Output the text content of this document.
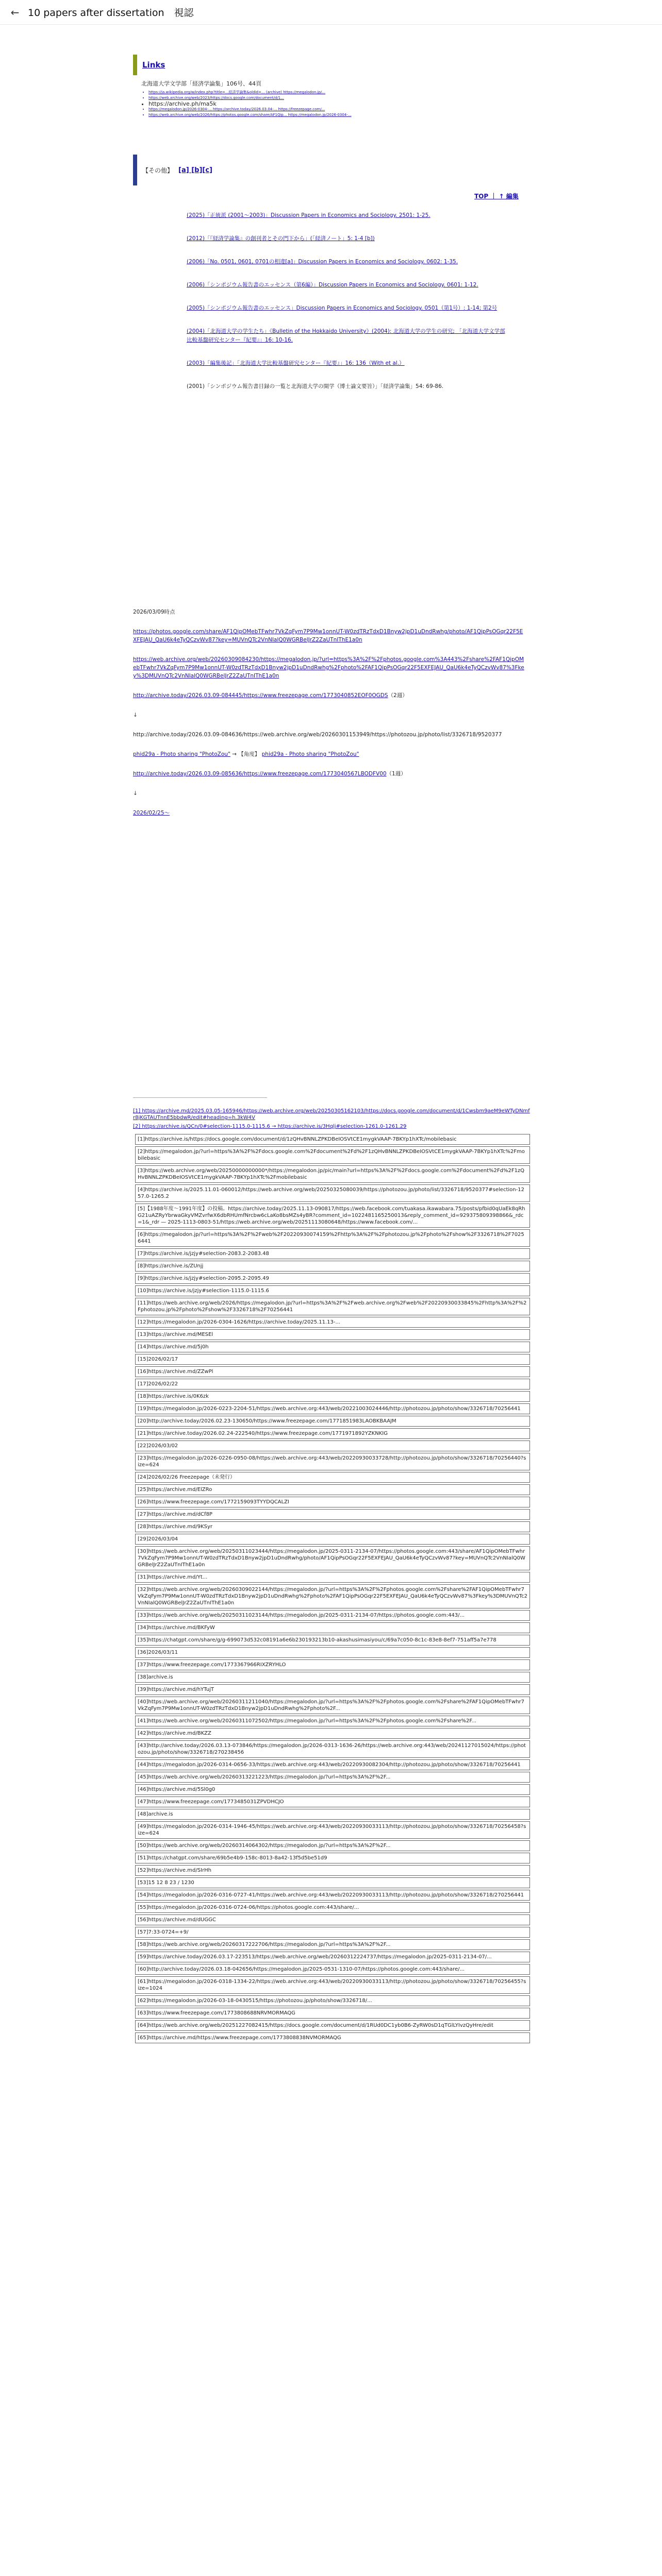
← 10 papers after dissertation　視認
Links
北海道大学文学部「経済学論集」106号、44頁
• https://ja.wikipedia.org/w/index.php?title=...経済学論集&oldid=... (archive) https://megalodon.jp/...
• https://web.archive.org/web/2023/https://docs.google.com/document/d/1...
• https://archive.ph/ma5k
• https://megalodon.jp/2026-0304-... https://archive.today/2026.03.04-... https://freezepage.com/...
• https://web.archive.org/web/2026/https://photos.google.com/share/AF1Qip... https://megalodon.jp/2026-0304-...
【その他】 [a] [b][c]
TOP ｜ ↑ 編集
(2025)「正統派 (2001〜2003)」Discussion Papers in Economics and Sociology. 2501: 1-25.
(2012)「『経済学論集』の創刊者とその門下から」(「経済ノート」5: 1-4 [b])
(2006)「No. 0501, 0601, 0701の相違[a]」Discussion Papers in Economics and Sociology. 0602: 1-35.
(2006)「シンポジウム報告書のエッセンス（第6編）」Discussion Papers in Economics and Sociology. 0601: 1-12.
(2005)「シンポジウム報告書のエッセンス」Discussion Papers in Economics and Sociology. 0501（第1号）: 1-14; 第2号
(2004)「北海道大学の学生たち」《Bulletin of the Hokkaido University》(2004): 北海道大学の学生の研究; 「北海道大学文学部比較基盤研究センター『紀要』」16: 10-16.
(2003)「編集後記」「北海道大学比較基盤研究センター『紀要』」16: 136（With et al.）
(2001)「シンポジウム報告書目録の一覧と北海道大学の開学（博士論文要旨）」「経済学論集」54: 69-86.

2026/03/09時点

https://photos.google.com/share/AF1QipOMebTFwhr7VkZqFym7P9Mw1onnUT-W0zdTRzTdxD1Bnyw2jpD1uDndRwhg/photo/AF1QipPsOGqr22F5EXFEJAU_QaU6k4eTyQCzvWv87?key=MUVnQTc2VnNIalQ0WGRBelJrZ2ZaUTnIThE1a0n

https://web.archive.org/web/20260309084230/https://megalodon.jp/?url=https%3A%2F%2Fphotos.google.com%3A443%2Fshare%2FAF1QipOMebTFwhr7VkZqFym7P9Mw1onnUT-W0zdTRzTdxD1Bnyw2jpD1uDndRwhg%2Fphoto%2FAF1QipPsOGqr22F5EXFEJAU_QaU6k4eTyQCzvWv87%3Fkey%3DMUVnQTc2VnNIalQ0WGRBelJrZ2ZaUTnIThE1a0n

http://archive.today/2026.03.09-084445/https://www.freezepage.com/1773040852EOF0OGDS（2週）

↓

http://archive.today/2026.03.09-084636/https://web.archive.org/web/20260301153949/https://photozou.jp/photo/list/3326718/9520377

phid29a - Photo sharing "PhotoZou" → 【角度】 phid29a - Photo sharing "PhotoZou"

http://archive.today/2026.03.09-085636/https://www.freezepage.com/1773040567LBODFV00（1週）

↓

2026/02/25〜

[1] https://archive.md/2025.03.05-165946/https://web.archive.org/web/20250305162103/https://docs.google.com/document/d/1Cwsbm9aeM9eWTyDNmfr8jKGTAUTnnE5bbdwR/edit#heading=h.3kW4V
[2] https://archive.is/QCn/0#selection-1115.0-1115.6 → https://archive.is/3Hqlj#selection-1261.0-1261.29
[1]https://archive.is/https://docs.google.com/document/d/1zQHvBNNLZPKDBeIOSVtCE1mygkVAAP-7BKYp1hXTc/mobilebasic
[2]https://megalodon.jp/?url=https%3A%2F%2Fdocs.google.com%2Fdocument%2Fd%2F1zQHvBNNLZPKDBeIOSVtCE1mygkVAAP-7BKYp1hXTc%2Fmobilebasic
[3]https://web.archive.org/web/20250000000000*/https://megalodon.jp/pic/main?url=https%3A%2F%2Fdocs.google.com%2Fdocument%2Fd%2F1zQHvBNNLZPKDBeIOSVtCE1mygkVAAP-7BKYp1hXTc%2Fmobilebasic
[4]https://archive.is/2025.11.01-060012/https://web.archive.org/web/20250325080039/https://photozou.jp/photo/list/3326718/9520377#selection-1257.0-1265.2
[5]【1988年度〜1991年度】の投稿。https://archive.today/2025.11.13-090817/https://web.facebook.com/tuakasa.ikawabara.75/posts/pfbid0qUaEk8qRhG21uAZRyYbrwaGkyVMZvrfwX6dbRHUmfNrcbw6cLaKo8bsMZs4yBR?comment_id=1022481165250013&reply_comment_id=929375809398866&_rdc=1&_rdr — 2025-1113-0803-51/https://web.archive.org/web/20251113080648/https://www.facebook.com/...
[6]https://megalodon.jp/?url=https%3A%2F%2Fweb%2F20220930074159%2Fhttp%3A%2F%2Fphotozou.jp%2Fphoto%2Fshow%2F3326718%2F70256441
[7]https://archive.is/jzjy#selection-2083.2-2083.48
[8]https://archive.is/ZUnjj
[9]https://archive.is/jzjy#selection-2095.2-2095.49
[10]https://archive.is/jzjy#selection-1115.0-1115.6
[11]https://web.archive.org/web/2026/https://megalodon.jp/?url=https%3A%2F%2Fweb.archive.org%2Fweb%2F20220930033845%2Fhttp%3A%2F%2Fphotozou.jp%2Fphoto%2Fshow%2F3326718%2F70256441
[12]https://megalodon.jp/2026-0304-1626/https://archive.today/2025.11.13-...
[13]https://archive.md/MESEl
[14]https://archive.md/5j0h
[15]2026/02/17
[16]https://archive.md/ZZwPl
[17]2026/02/22
[18]https://archive.is/0K6zk
[19]https://megalodon.jp/2026-0223-2204-51/https://web.archive.org:443/web/20221003024446/http://photozou.jp/photo/show/3326718/70256441
[20]http://archive.today/2026.02.23-130650/https://www.freezepage.com/1771851983LAOBKBAAJM
[21]https://archive.today/2026.02.24-222540/https://www.freezepage.com/1771971892YZKNKIG
[22]2026/03/02
[23]https://megalodon.jp/2026-0226-0950-08/https://web.archive.org:443/web/20220930033728/http://photozou.jp/photo/show/3326718/70256440?size=624
[24]2026/02/26 Freezepage（未発行）
[25]https://archive.md/ElZRo
[26]https://www.freezepage.com/1772159093TYYDQCALZI
[27]https://archive.md/dCf8P
[28]https://archive.md/9KSyr
[29]2026/03/04
[30]https://web.archive.org/web/20250311023444/https://megalodon.jp/2025-0311-2134-07/https://photos.google.com:443/share/AF1QipOMebTFwhr7VkZqFym7P9Mw1onnUT-W0zdTRzTdxD1Bnyw2jpD1uDndRwhg/photo/AF1QipPsOGqr22F5EXFEJAU_QaU6k4eTyQCzvWv87?key=MUVnQTc2VnNIalQ0WGRBelJrZ2ZaUTnIThE1a0n
[31]https://archive.md/Yt...
[32]https://web.archive.org/web/20260309022144/https://megalodon.jp/?url=https%3A%2F%2Fphotos.google.com%2Fshare%2FAF1QipOMebTFwhr7VkZqFym7P9Mw1onnUT-W0zdTRzTdxD1Bnyw2jpD1uDndRwhg%2Fphoto%2FAF1QipPsOGqr22F5EXFEJAU_QaU6k4eTyQCzvWv87%3Fkey%3DMUVnQTc2VnNIalQ0WGRBelJrZ2ZaUTnIThE1a0n
[33]https://web.archive.org/web/20250311023144/https://megalodon.jp/2025-0311-2134-07/https://photos.google.com:443/...
[34]https://archive.md/BKFyW
[35]https://chatgpt.com/share/g/g-699073d532c08191a6e6b230193213b10-akashusimasiyou/c/69a7c050-8c1c-83e8-8ef7-751aff5a7e778
[36]2026/03/11
[37]https://www.freezepage.com/1773367966RIXZRYHLO
[38]archive.is
[39]https://archive.md/hYTujT
[40]https://web.archive.org/web/20260311211040/https://megalodon.jp/?url=https%3A%2F%2Fphotos.google.com%2Fshare%2FAF1QipOMebTFwhr7VkZqFym7P9Mw1onnUT-W0zdTRzTdxD1Bnyw2jpD1uDndRwhg%2Fphoto%2F...
[41]https://web.archive.org/web/20260311072502/https://megalodon.jp/?url=https%3A%2F%2Fphotos.google.com%2Fshare%2F...
[42]https://archive.md/BKZZ
[43]http://archive.today/2026.03.13-073846/https://megalodon.jp/2026-0313-1636-26/https://web.archive.org:443/web/20241127015024/https://photozou.jp/photo/show/3326718/270238456
[44]https://megalodon.jp/2026-0314-0656-33/https://web.archive.org:443/web/20220930082304/http://photozou.jp/photo/show/3326718/70256441
[45]https://web.archive.org/web/20260313221223/https://megalodon.jp/?url=https%3A%2F%2F...
[46]https://archive.md/5Sl0g0
[47]https://www.freezepage.com/1773485031ZPVDHCJO
[48]archive.is
[49]https://megalodon.jp/2026-0314-1946-45/https://web.archive.org:443/web/20220930033113/http://photozou.jp/photo/show/3326718/70256458?size=624
[50]https://web.archive.org/web/20260314064302/https://megalodon.jp/?url=https%3A%2F%2F...
[51]https://chatgpt.com/share/69b5e4b9-158c-8013-8a42-13f5d5be51d9
[52]https://archive.md/SIrHh
[53]15 12 8 23 / 1230
[54]https://megalodon.jp/2026-0316-0727-41/https://web.archive.org:443/web/20220930033113/http://photozou.jp/photo/show/3326718/270256441
[55]https://megalodon.jp/2026-0316-0724-06/https://photos.google.com:443/share/...
[56]https://archive.md/dUGGC
[57]7:33-0724=+9/
[58]https://web.archive.org/web/20260317222706/https://megalodon.jp/?url=https%3A%2F%2F...
[59]https://archive.today/2026.03.17-223513/https://web.archive.org/web/20260312224737/https://megalodon.jp/2025-0311-2134-07/...
[60]http://archive.today/2026.03.18-042656/https://megalodon.jp/2025-0531-1310-07/https://photos.google.com:443/share/...
[61]https://megalodon.jp/2026-0318-1334-22/https://web.archive.org:443/web/20220930033113/http://photozou.jp/photo/show/3326718/70256455?size=1024
[62]https://megalodon.jp/2026-03-18-0430515/https://photozou.jp/photo/show/3326718/...
[63]https://www.freezepage.com/1773808688NRVMORMAQG
[64]https://web.archive.org/web/20251227082415/https://docs.google.com/document/d/1RUd0DC1yb0B6-ZyRW0sD1qTGlLYIvzQyHre/edit
[65]https://archive.md/https://www.freezepage.com/1773808838NVMORMAQG
